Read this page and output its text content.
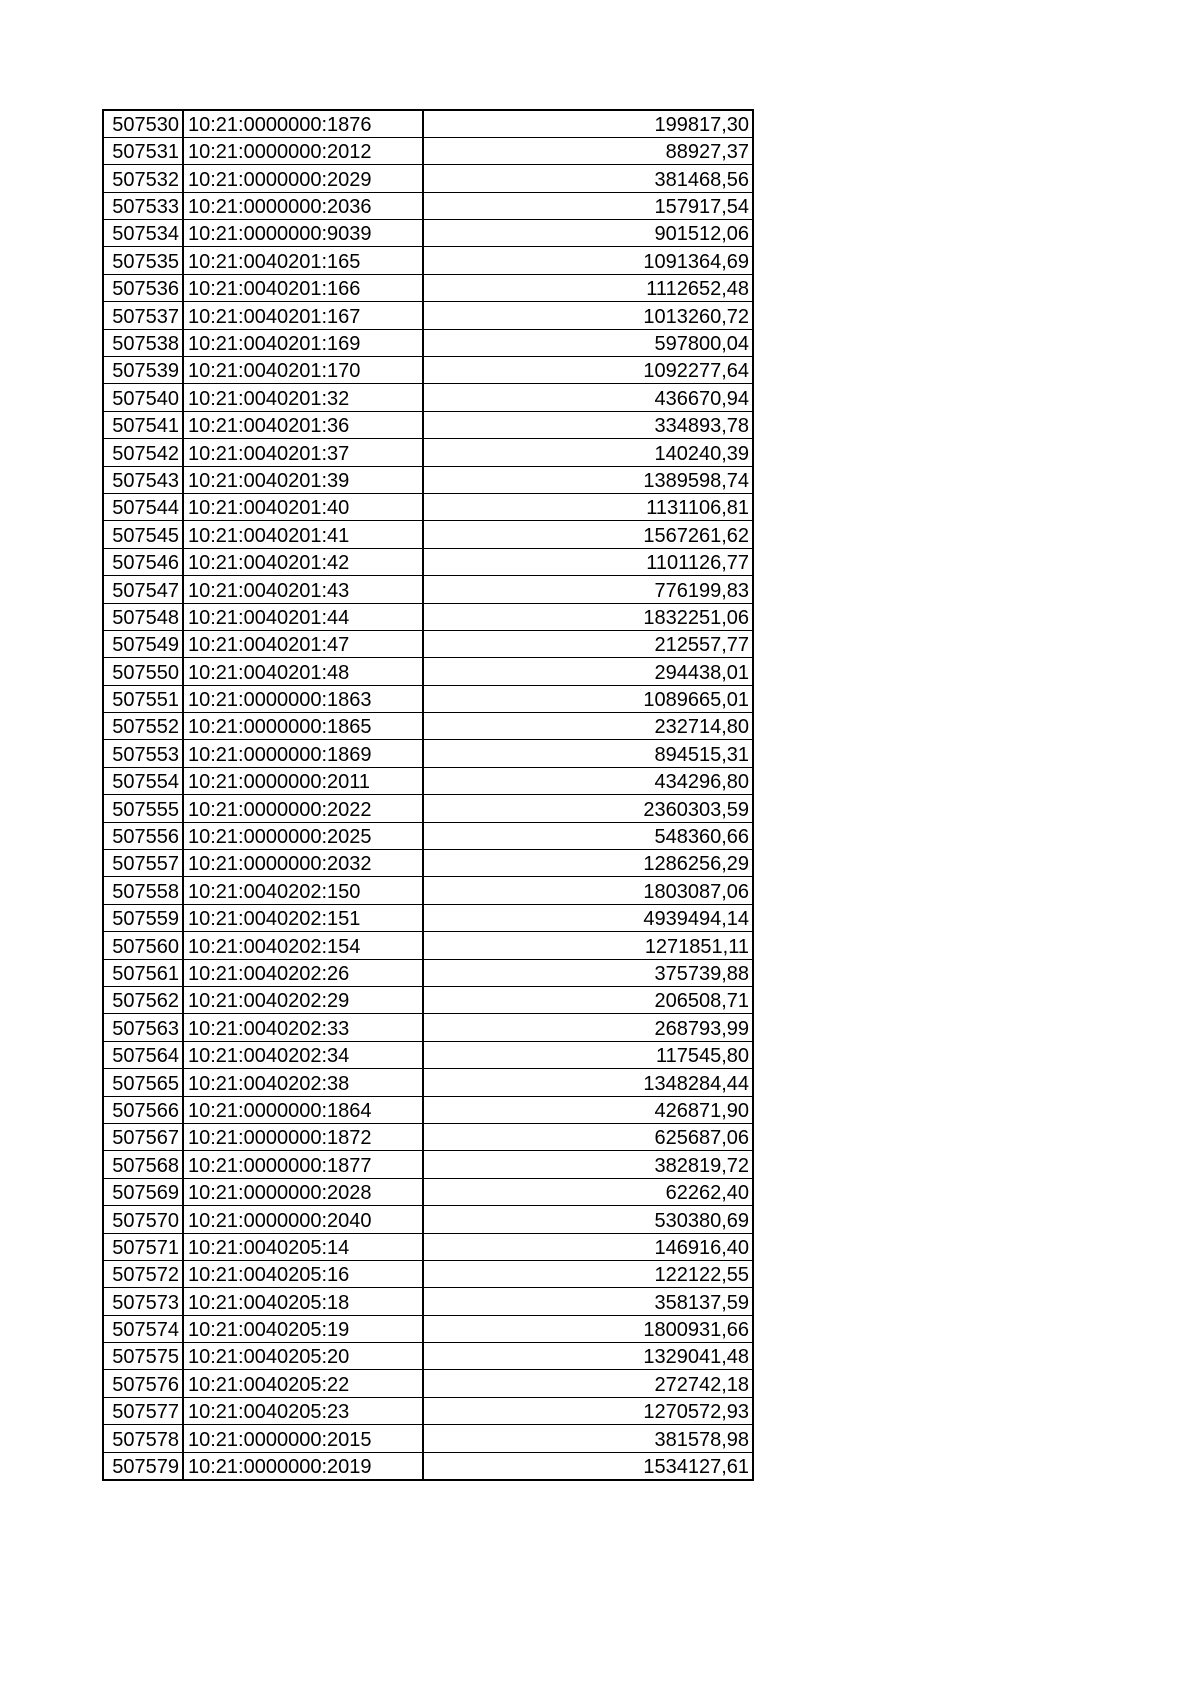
507530	10:21:0000000:1876	199817,30
507531	10:21:0000000:2012	88927,37
507532	10:21:0000000:2029	381468,56
507533	10:21:0000000:2036	157917,54
507534	10:21:0000000:9039	901512,06
507535	10:21:0040201:165	1091364,69
507536	10:21:0040201:166	1112652,48
507537	10:21:0040201:167	1013260,72
507538	10:21:0040201:169	597800,04
507539	10:21:0040201:170	1092277,64
507540	10:21:0040201:32	436670,94
507541	10:21:0040201:36	334893,78
507542	10:21:0040201:37	140240,39
507543	10:21:0040201:39	1389598,74
507544	10:21:0040201:40	1131106,81
507545	10:21:0040201:41	1567261,62
507546	10:21:0040201:42	1101126,77
507547	10:21:0040201:43	776199,83
507548	10:21:0040201:44	1832251,06
507549	10:21:0040201:47	212557,77
507550	10:21:0040201:48	294438,01
507551	10:21:0000000:1863	1089665,01
507552	10:21:0000000:1865	232714,80
507553	10:21:0000000:1869	894515,31
507554	10:21:0000000:2011	434296,80
507555	10:21:0000000:2022	2360303,59
507556	10:21:0000000:2025	548360,66
507557	10:21:0000000:2032	1286256,29
507558	10:21:0040202:150	1803087,06
507559	10:21:0040202:151	4939494,14
507560	10:21:0040202:154	1271851,11
507561	10:21:0040202:26	375739,88
507562	10:21:0040202:29	206508,71
507563	10:21:0040202:33	268793,99
507564	10:21:0040202:34	117545,80
507565	10:21:0040202:38	1348284,44
507566	10:21:0000000:1864	426871,90
507567	10:21:0000000:1872	625687,06
507568	10:21:0000000:1877	382819,72
507569	10:21:0000000:2028	62262,40
507570	10:21:0000000:2040	530380,69
507571	10:21:0040205:14	146916,40
507572	10:21:0040205:16	122122,55
507573	10:21:0040205:18	358137,59
507574	10:21:0040205:19	1800931,66
507575	10:21:0040205:20	1329041,48
507576	10:21:0040205:22	272742,18
507577	10:21:0040205:23	1270572,93
507578	10:21:0000000:2015	381578,98
507579	10:21:0000000:2019	1534127,61
